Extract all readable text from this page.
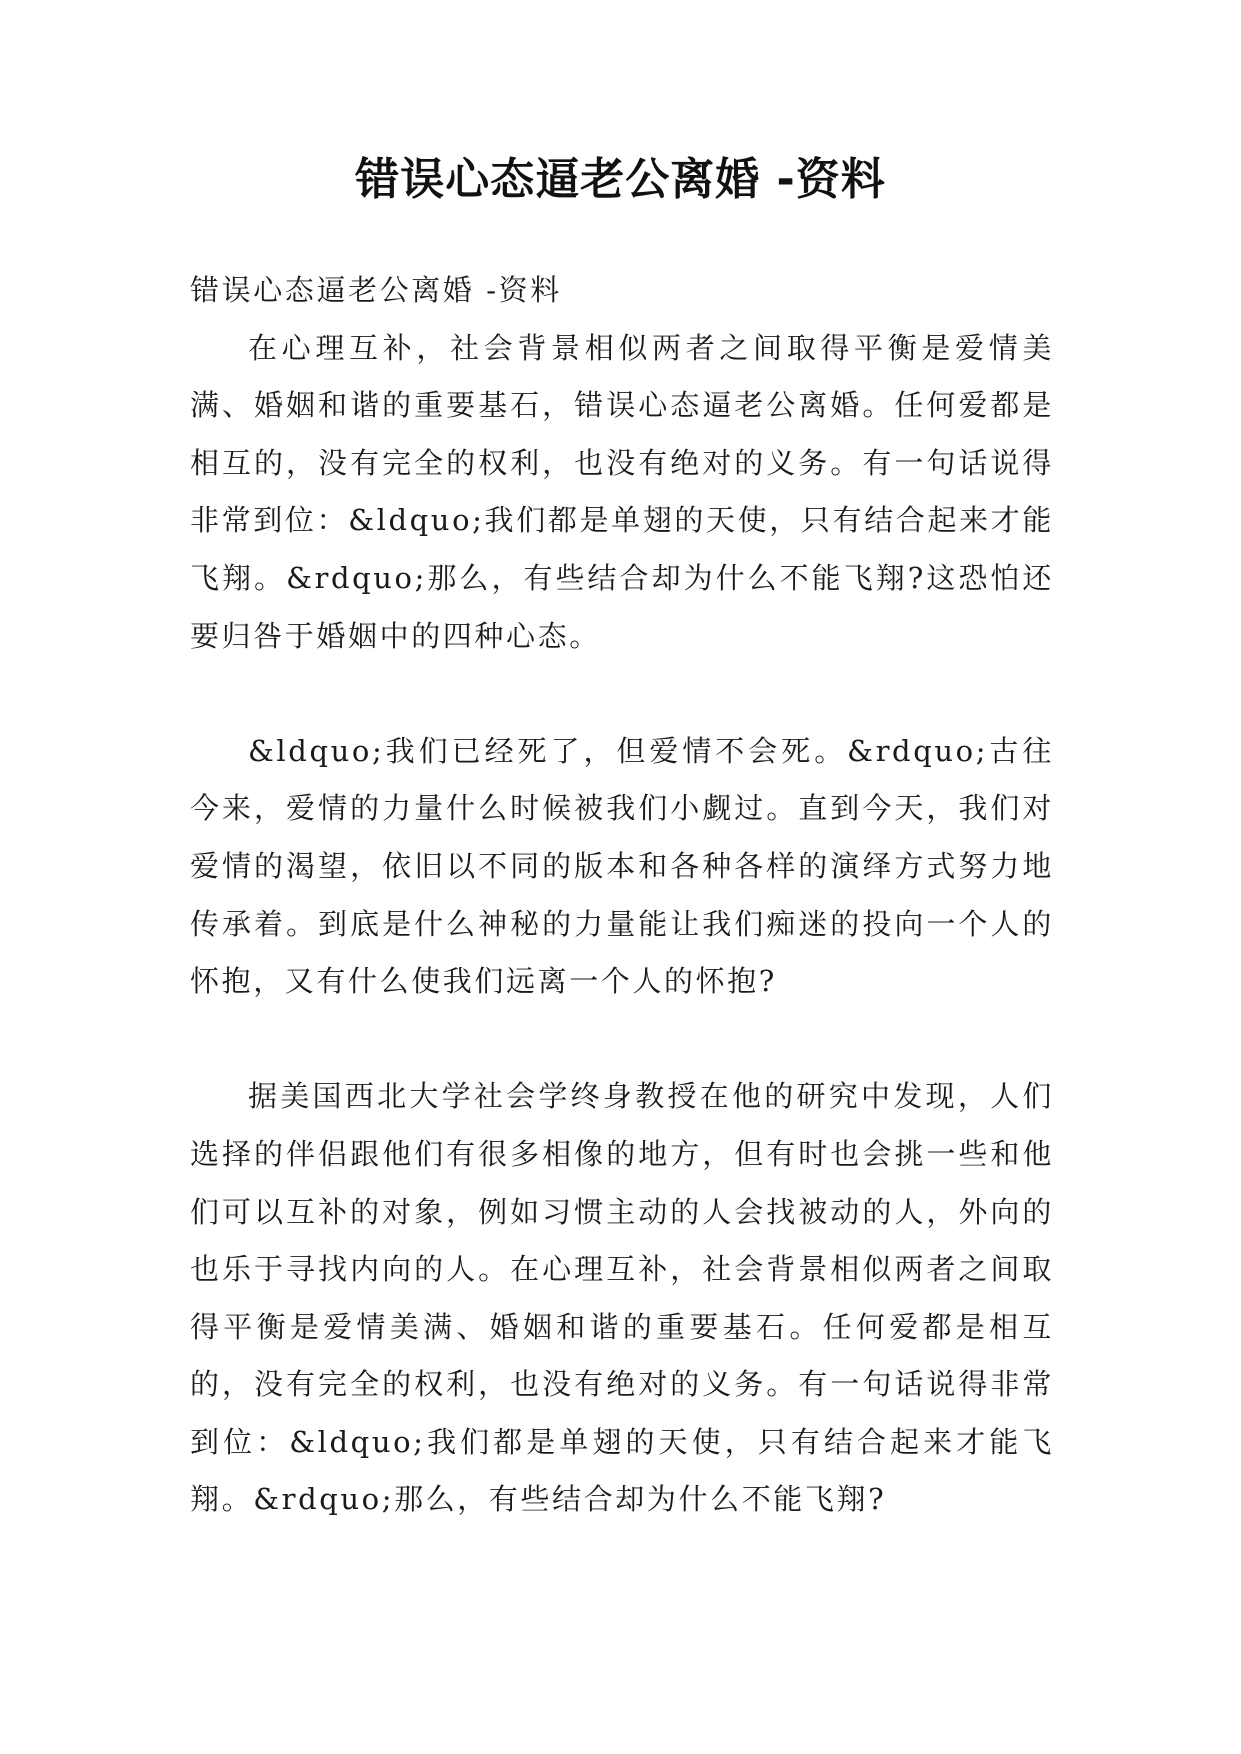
错误心态逼老公离婚 -资料

错误心态逼老公离婚 -资料

在心理互补，社会背景相似两者之间取得平衡是爱情美满、婚姻和谐的重要基石，错误心态逼老公离婚。任何爱都是相互的，没有完全的权利，也没有绝对的义务。有一句话说得非常到位：&ldquo;我们都是单翅的天使，只有结合起来才能飞翔。&rdquo;那么，有些结合却为什么不能飞翔?这恐怕还要归咎于婚姻中的四种心态。

&ldquo;我们已经死了，但爱情不会死。&rdquo;古往今来，爱情的力量什么时候被我们小觑过。直到今天，我们对爱情的渴望，依旧以不同的版本和各种各样的演绎方式努力地传承着。到底是什么神秘的力量能让我们痴迷的投向一个人的怀抱，又有什么使我们远离一个人的怀抱?

据美国西北大学社会学终身教授在他的研究中发现，人们选择的伴侣跟他们有很多相像的地方，但有时也会挑一些和他们可以互补的对象，例如习惯主动的人会找被动的人，外向的也乐于寻找内向的人。在心理互补，社会背景相似两者之间取得平衡是爱情美满、婚姻和谐的重要基石。任何爱都是相互的，没有完全的权利，也没有绝对的义务。有一句话说得非常到位：&ldquo;我们都是单翅的天使，只有结合起来才能飞翔。&rdquo;那么，有些结合却为什么不能飞翔?
